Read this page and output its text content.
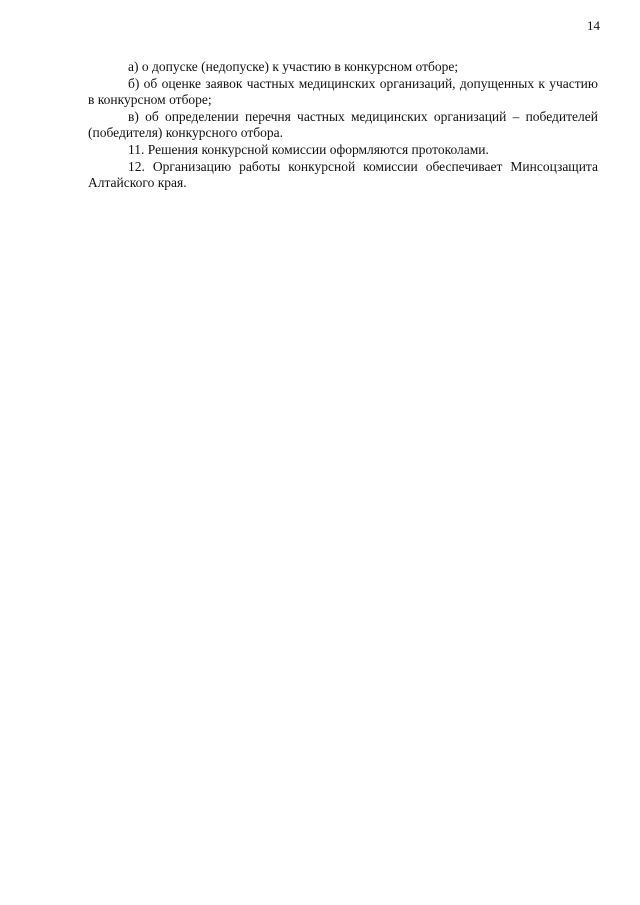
14

а) о допуске (недопуске) к участию в конкурсном отборе;

б) об оценке заявок частных медицинских организаций, допущенных к участию в конкурсном отборе;

в) об определении перечня частных медицинских организаций – победителей (победителя) конкурсного отбора.

11. Решения конкурсной комиссии оформляются протоколами.

12. Организацию работы конкурсной комиссии обеспечивает Минсоцзащита Алтайского края.
